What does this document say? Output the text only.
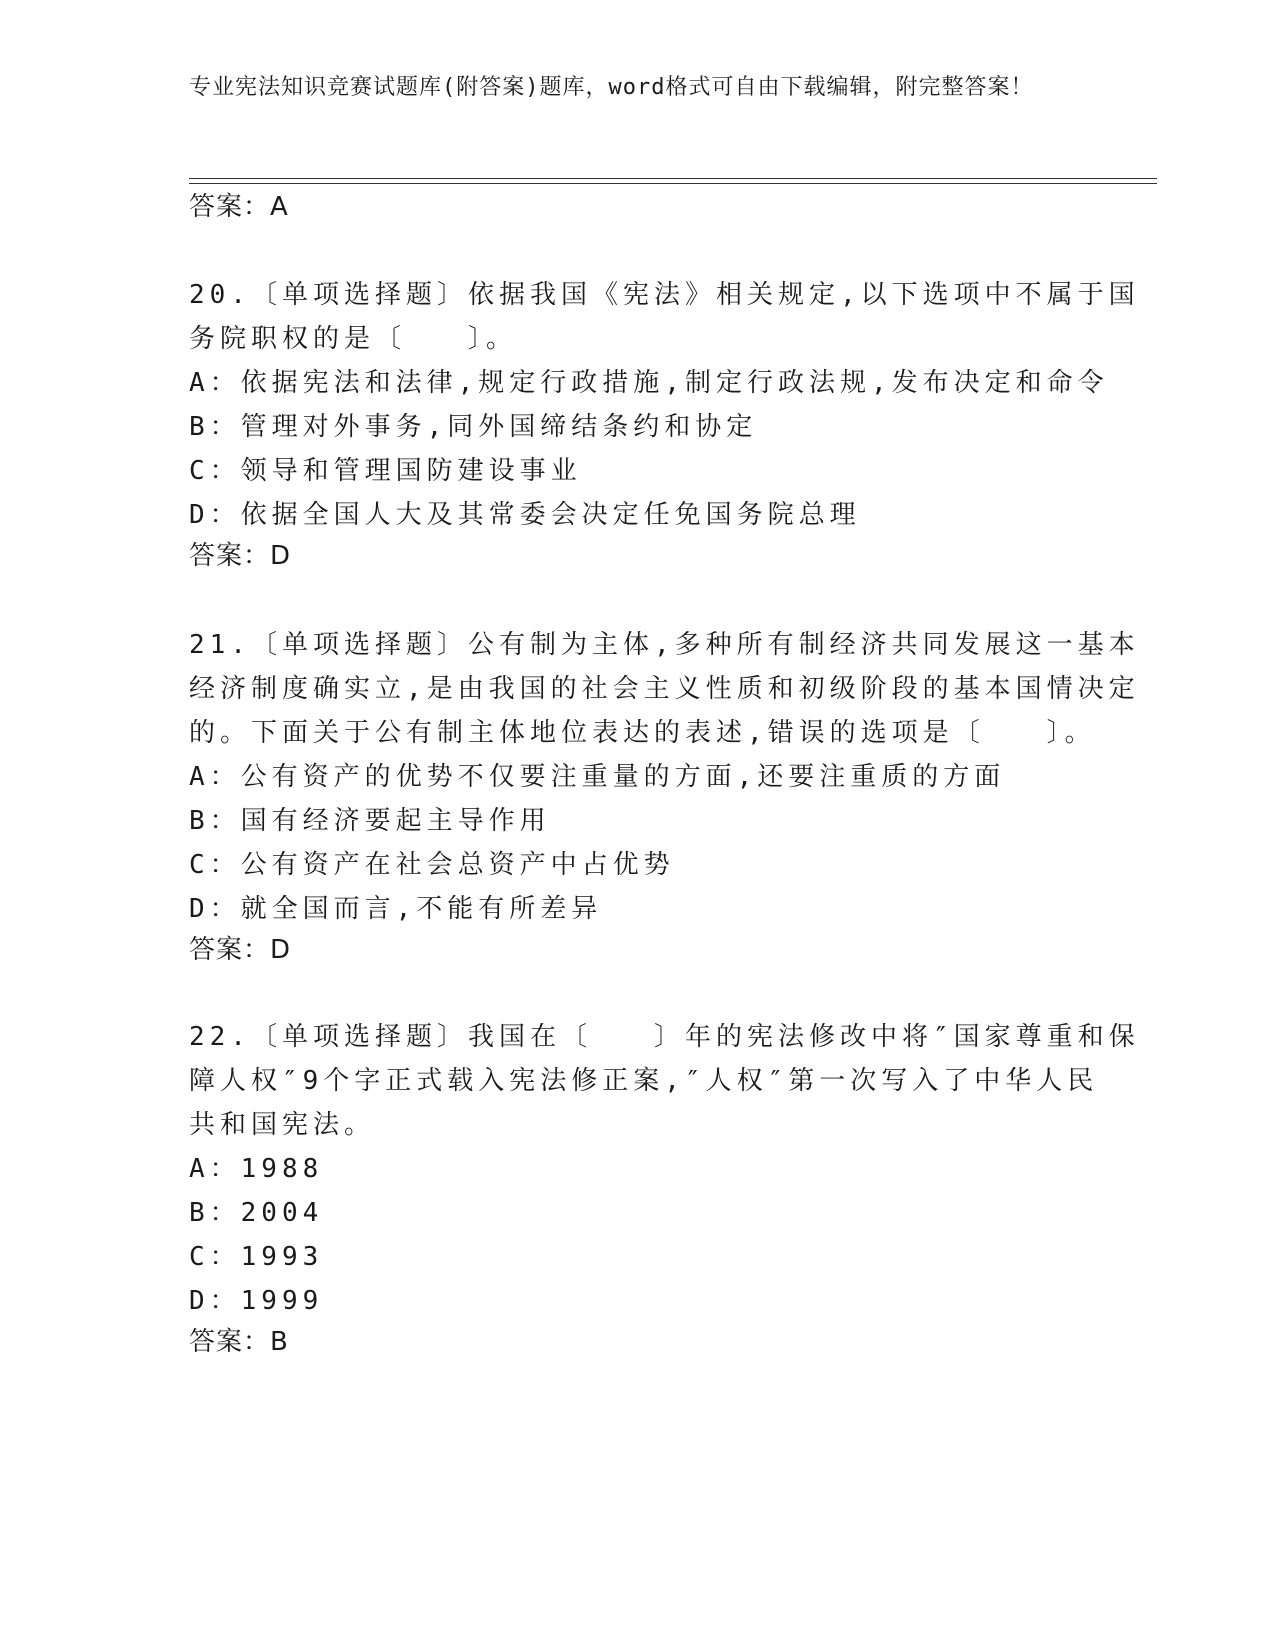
专业宪法知识竞赛试题库(附答案)题库，word格式可自由下载编辑，附完整答案！
答案：A
20.〔单项选择题〕依据我国《宪法》相关规定,以下选项中不属于国
务院职权的是〔　　〕。
A：依据宪法和法律,规定行政措施,制定行政法规,发布决定和命令
B：管理对外事务,同外国缔结条约和协定
C：领导和管理国防建设事业
D：依据全国人大及其常委会决定任免国务院总理
答案：D
21.〔单项选择题〕公有制为主体,多种所有制经济共同发展这一基本
经济制度确实立,是由我国的社会主义性质和初级阶段的基本国情决定
的。下面关于公有制主体地位表达的表述,错误的选项是〔　　〕。
A：公有资产的优势不仅要注重量的方面,还要注重质的方面
B：国有经济要起主导作用
C：公有资产在社会总资产中占优势
D：就全国而言,不能有所差异
答案：D
22.〔单项选择题〕我国在〔　　〕年的宪法修改中将″国家尊重和保
障人权″9个字正式载入宪法修正案,″人权″第一次写入了中华人民
共和国宪法。
A：1988
B：2004
C：1993
D：1999
答案：B
